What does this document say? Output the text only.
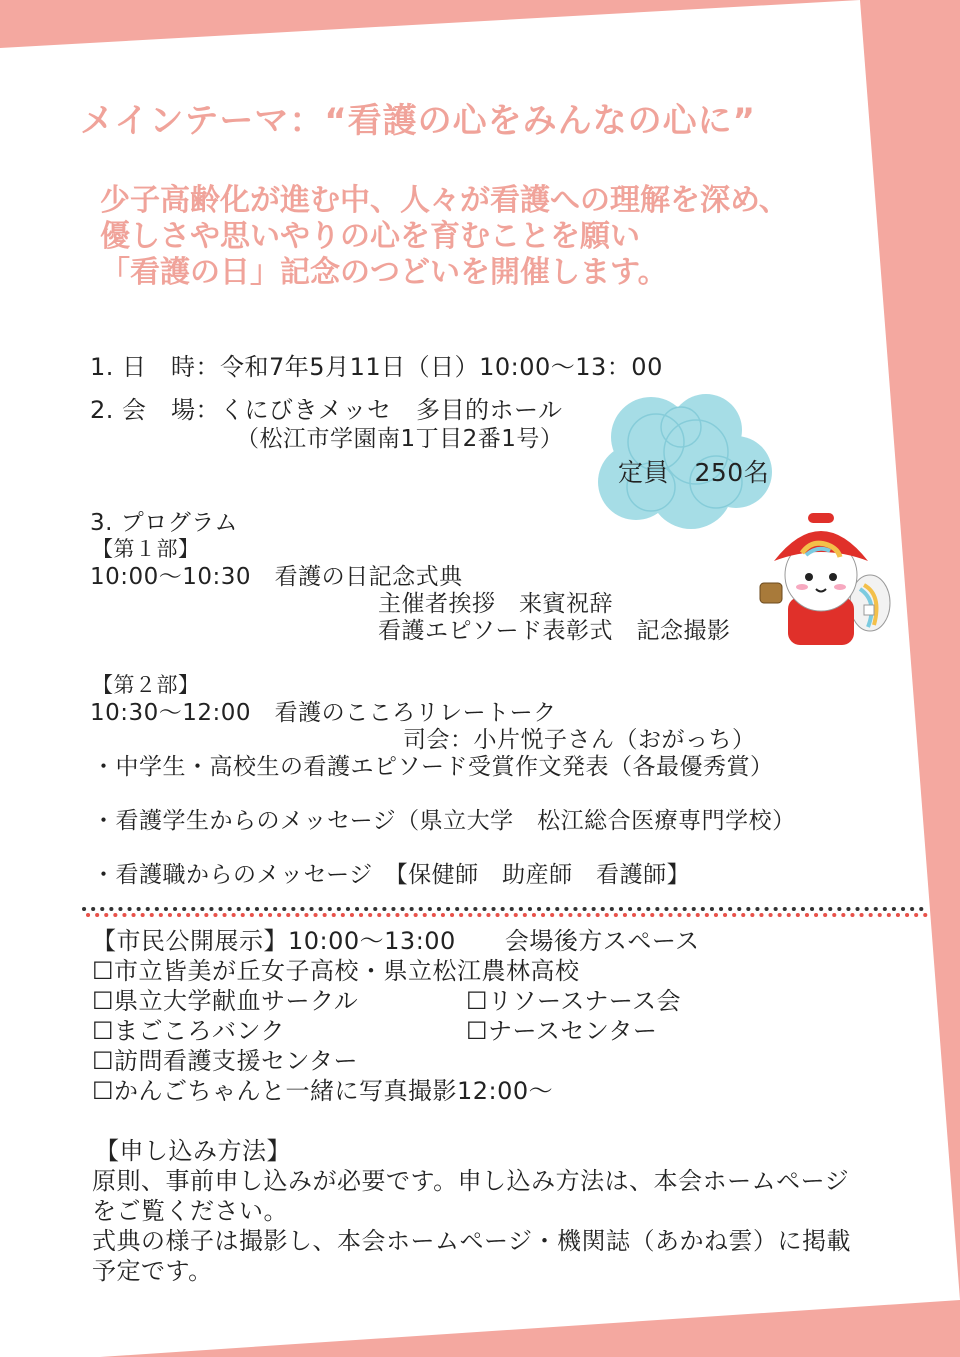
メインテーマ：“看護の心をみんなの心に”
少子高齢化が進む中、人々が看護への理解を深め、
優しさや思いやりの心を育むことを願い
「看護の日」記念のつどいを開催します。
1. 日　時：令和7年5月11日（日）10:00〜13：00
2. 会　場：くにびきメッセ　多目的ホール
（松江市学園南1丁目2番1号）
定員　250名
3. プログラム
【第１部】
10:00〜10:30　看護の日記念式典
主催者挨拶　来賓祝辞
看護エピソード表彰式　記念撮影
【第２部】
10:30〜12:00　看護のこころリレートーク
司会：小片悦子さん（おがっち）
・中学生・高校生の看護エピソード受賞作文発表（各最優秀賞）
・看護学生からのメッセージ（県立大学　松江総合医療専門学校）
・看護職からのメッセージ　【保健師　助産師　看護師】
【市民公開展示】10:00〜13:00　　会場後方スペース
☐市立皆美が丘女子高校・県立松江農林高校
☐県立大学献血サークル	☐リソースナース会
☐まごころバンク	☐ナースセンター
☐訪問看護支援センター
☐かんごちゃんと一緒に写真撮影12:00〜
【申し込み方法】
原則、事前申し込みが必要です。申し込み方法は、本会ホームページ
をご覧ください。
式典の様子は撮影し、本会ホームページ・機関誌（あかね雲）に掲載
予定です。
